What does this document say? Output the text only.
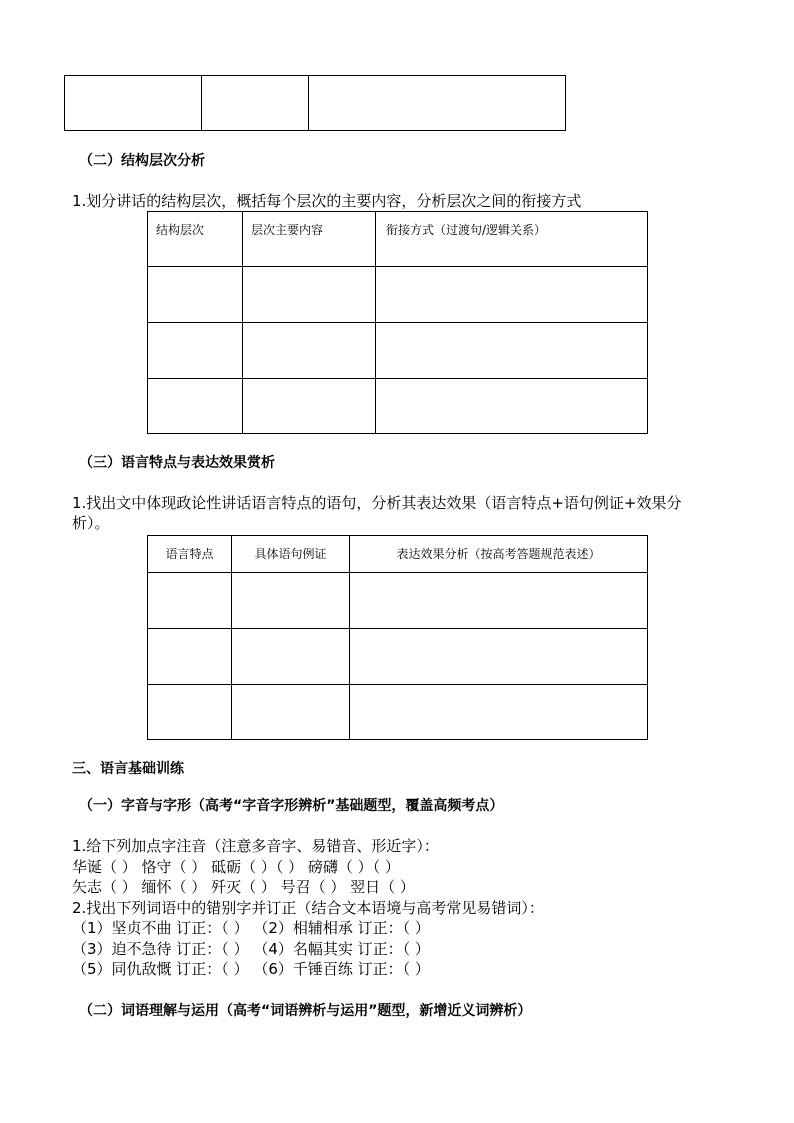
（二）结构层次分析
1.划分讲话的结构层次，概括每个层次的主要内容，分析层次之间的衔接方式
结构层次	层次主要内容	衔接方式（过渡句/逻辑关系）

（三）语言特点与表达效果赏析
1.找出文中体现政论性讲话语言特点的语句，分析其表达效果（语言特点+语句例证+效果分
析）。
语言特点	具体语句例证	表达效果分析（按高考答题规范表述）

三、语言基础训练
（一）字音与字形（高考“字音字形辨析”基础题型，覆盖高频考点）
1.给下列加点字注音（注意多音字、易错音、形近字）：
华诞（ ） 恪守（ ） 砥砺（ ）（ ） 磅礴（ ）（ ）
矢志（ ） 缅怀（ ） 歼灭（ ） 号召（ ） 翌日（ ）
2.找出下列词语中的错别字并订正（结合文本语境与高考常见易错词）：
（1）坚贞不曲 订正：（ ） （2）相辅相承 订正：（ ）
（3）迫不急待 订正：（ ） （4）名幅其实 订正：（ ）
（5）同仇敌慨 订正：（ ） （6）千锤百练 订正：（ ）
（二）词语理解与运用（高考“词语辨析与运用”题型，新增近义词辨析）
